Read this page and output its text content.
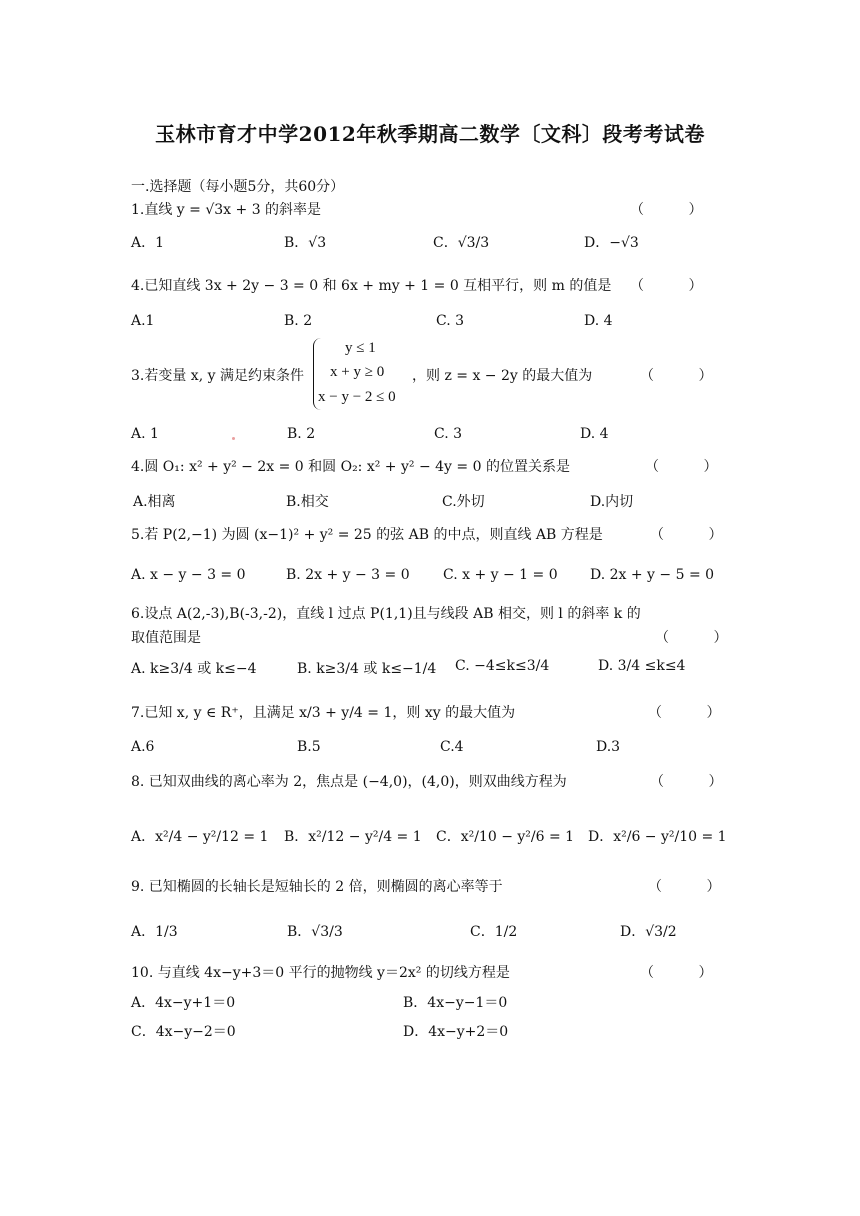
玉林市育才中学2012年秋季期高二数学〔文科〕段考考试卷
一.选择题（每小题5分，共60分）
1.直线 y = √3x + 3 的斜率是	（          ）
A．1	B．√3	C．√3/3	D．−√3
4.已知直线 3x + 2y − 3 = 0 和 6x + my + 1 = 0 互相平行，则 m 的值是 （          ）
A.1	B. 2	C. 3	D. 4
3.若变量 x, y 满足约束条件
y ≤ 1
x + y ≥ 0
x − y − 2 ≤ 0
，则 z = x − 2y 的最大值为	（          ）
A. 1	B. 2	C. 3	D. 4
4.圆 O₁: x² + y² − 2x = 0 和圆 O₂: x² + y² − 4y = 0 的位置关系是	（          ）
A.相离	B.相交	C.外切	D.内切
5.若 P(2,−1) 为圆 (x−1)² + y² = 25 的弦 AB 的中点，则直线 AB 方程是	（          ）
A. x − y − 3 = 0	B. 2x + y − 3 = 0 C. x + y − 1 = 0 D. 2x + y − 5 = 0
6.设点 A(2,-3),B(-3,-2)，直线 l 过点 P(1,1)且与线段 AB 相交，则 l 的斜率 k 的
取值范围是	（          ）
A. k≥3/4 或 k≤−4	B. k≥3/4 或 k≤−1/4 C. −4≤k≤3/4	D. 3/4 ≤k≤4
7.已知 x, y ∈ R⁺，且满足 x/3 + y/4 = 1，则 xy 的最大值为	（          ）
A.6	B.5	C.4	D.3
8. 已知双曲线的离心率为 2，焦点是 (−4,0)，(4,0)，则双曲线方程为	（          ）
A．x²/4 − y²/12 = 1 B．x²/12 − y²/4 = 1 C．x²/10 − y²/6 = 1 D．x²/6 − y²/10 = 1
9. 已知椭圆的长轴长是短轴长的 2 倍，则椭圆的离心率等于	（          ）
A．1/3	B．√3/3	C．1/2	D．√3/2
10. 与直线 4x−y+3＝0 平行的抛物线 y＝2x² 的切线方程是	（          ）
A．4x−y+1＝0	B．4x−y−1＝0
C．4x−y−2＝0	D．4x−y+2＝0
